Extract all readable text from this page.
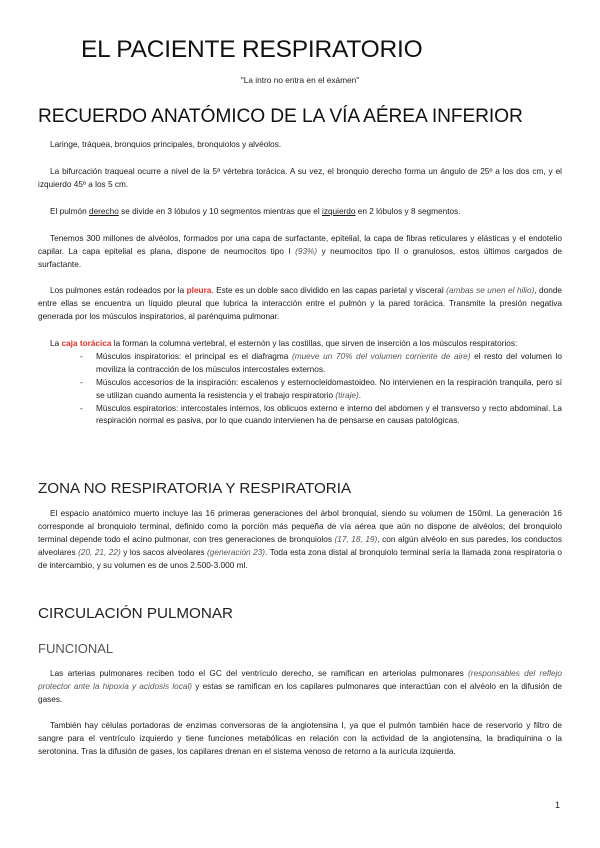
EL PACIENTE RESPIRATORIO
"La intro no entra en el exámen"
RECUERDO ANATÓMICO DE LA VÍA AÉREA INFERIOR
Laringe, tráquea, bronquios principales, bronquiolos y alvéolos.
La bifurcación traqueal ocurre a nivel de la 5ª vértebra torácica. A su vez, el bronquio derecho forma un ángulo de 25º a los dos cm, y el izquierdo 45º a los 5 cm.
El pulmón derecho se divide en 3 lóbulos y 10 segmentos mientras que el izquierdo en 2 lóbulos y 8 segmentos.
Tenemos 300 millones de alvéolos, formados por una capa de surfactante, epitelial, la capa de fibras reticulares y elásticas y el endotelio capilar. La capa epitelial es plana, dispone de neumocitos tipo I (93%) y neumocitos tipo II o granulosos, estos últimos cargados de surfactante.
Los pulmones están rodeados por la pleura. Este es un doble saco dividido en las capas parietal y visceral (ambas se unen el hilio), donde entre ellas se encuentra un líquido pleural que lubrica la interacción entre el pulmón y la pared torácica. Transmite la presión negativa generada por los músculos inspiratorios, al parénquima pulmonar.
La caja torácica la forman la columna vertebral, el esternón y las costillas, que sirven de inserción a los músculos respiratorios:
- Músculos inspiratorios: el principal es el diafragma (mueve un 70% del volumen corriente de aire) el resto del volumen lo moviliza la contracción de los músculos intercostales externos.
- Músculos accesorios de la inspiración: escalenos y esternocleidomastoideo. No intervienen en la respiración tranquila, pero sí se utilizan cuando aumenta la resistencia y el trabajo respiratorio (tiraje).
- Músculos espiratorios: intercostales internos, los oblicuos externo e interno del abdomen y el transverso y recto abdominal. La respiración normal es pasiva, por lo que cuando intervienen ha de pensarse en causas patológicas.
ZONA NO RESPIRATORIA Y RESPIRATORIA
El espacio anatómico muerto incluye las 16 primeras generaciones del árbol bronquial, siendo su volumen de 150ml. La generación 16 corresponde al bronquiolo terminal, definido como la porción más pequeña de vía aérea que aún no dispone de alvéolos; del bronquiolo terminal depende todo el acino pulmonar, con tres generaciones de bronquiolos (17, 18, 19), con algún alvéolo en sus paredes, los conductos alveolares (20, 21, 22) y los sacos alveolares (generación 23). Toda esta zona distal al bronquiolo terminal sería la llamada zona respiratoria o de intercambio, y su volumen es de unos 2.500-3.000 ml.
CIRCULACIÓN PULMONAR
FUNCIONAL
Las arterias pulmonares reciben todo el GC del ventrículo derecho, se ramifican en arteriolas pulmonares (responsables del reflejo protector ante la hipoxia y acidosis local) y estas se ramifican en los capilares pulmonares que interactúan con el alvéolo en la difusión de gases.
También hay células portadoras de enzimas conversoras de la angiotensina I, ya que el pulmón también hace de reservorio y filtro de sangre para el ventrículo izquierdo y tiene funciones metabólicas en relación con la actividad de la angiotensina, la bradiquinina o la serotonina. Tras la difusión de gases, los capilares drenan en el sistema venoso de retorno a la aurícula izquierda.
1
